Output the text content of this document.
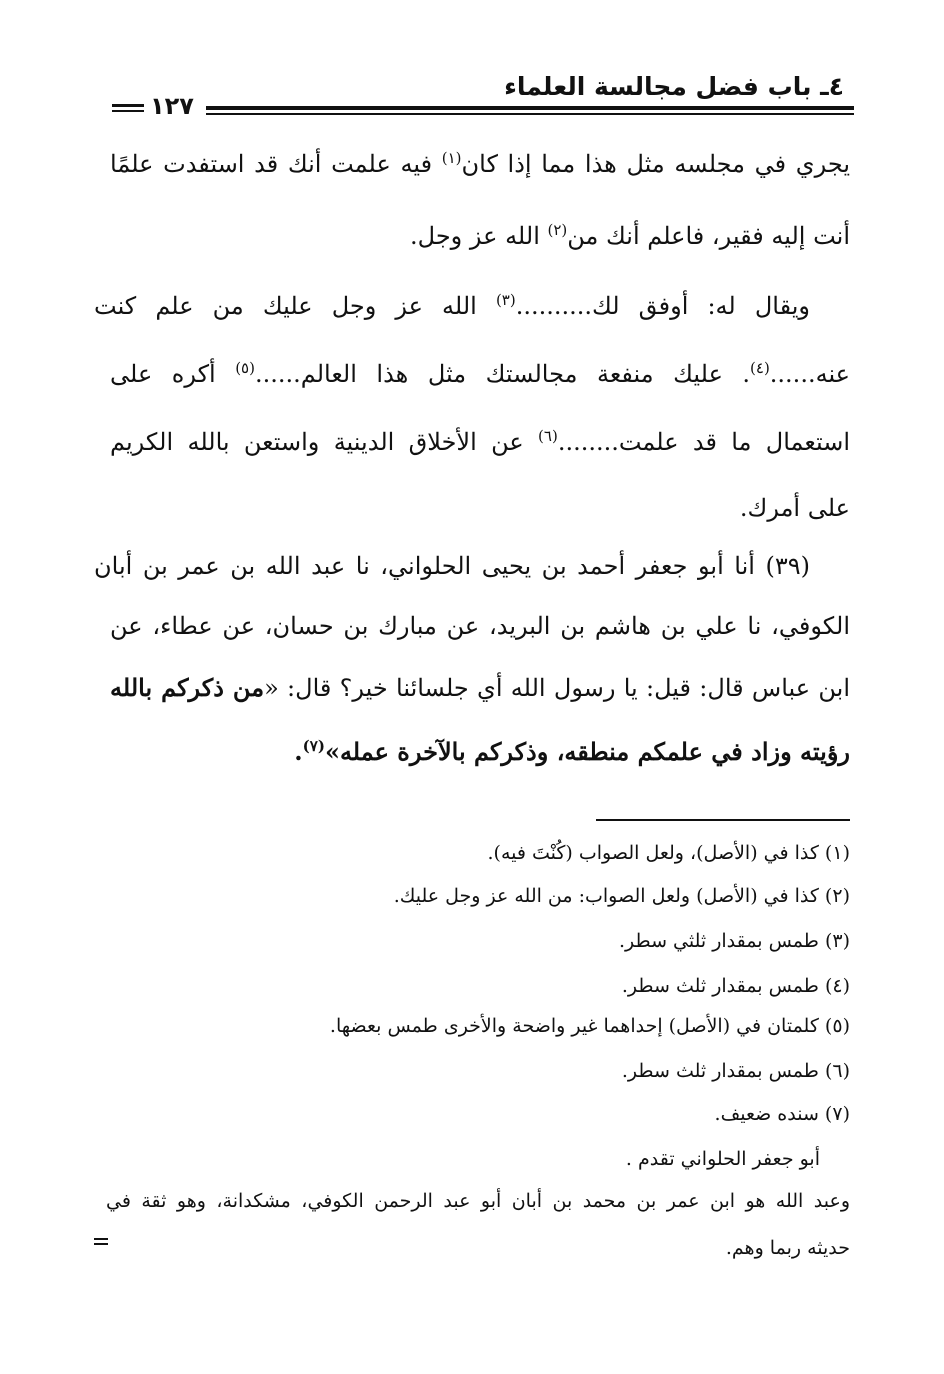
٤ـ باب فضل مجالسة العلماء
١٢٧
يجري في مجلسه مثل هذا مما إذا كان$^{(١)}$ فيه علمت أنك قد استفدت علمًا
أنت إليه فقير، فاعلم أنك من$^{(٢)}$ الله عز وجل.
ويقال له: أوفق لك..........$^{(٣)}$ الله عز وجل عليك من علم كنت
عنه......$^{(٤)}$. عليك منفعة مجالستك مثل هذا العالم......$^{(٥)}$ أكره على
استعمال ما قد علمت........$^{(٦)}$ عن الأخلاق الدينية واستعن بالله الكريم
على أمرك.
(٣٩) أنا أبو جعفر أحمد بن يحيى الحلواني، نا عبد الله بن عمر بن أبان
الكوفي، نا علي بن هاشم بن البريد، عن مبارك بن حسان، عن عطاء، عن
ابن عباس قال: قيل: يا رسول الله أي جلسائنا خير؟ قال: «من ذكركم بالله
رؤيته وزاد في علمكم منطقه، وذكركم بالآخرة عمله»$^{(٧)}$.
(١) كذا في (الأصل)، ولعل الصواب (كُنْتَ فيه).
(٢) كذا في (الأصل) ولعل الصواب: من الله عز وجل عليك.
(٣) طمس بمقدار ثلثي سطر.
(٤) طمس بمقدار ثلث سطر.
(٥) كلمتان في (الأصل) إحداهما غير واضحة والأخرى طمس بعضها.
(٦) طمس بمقدار ثلث سطر.
(٧) سنده ضعيف.
أبو جعفر الحلواني تقدم .
وعبد الله هو ابن عمر بن محمد بن أبان أبو عبد الرحمن الكوفي، مشكدانة، وهو ثقة في
حديثه ربما وهم.
